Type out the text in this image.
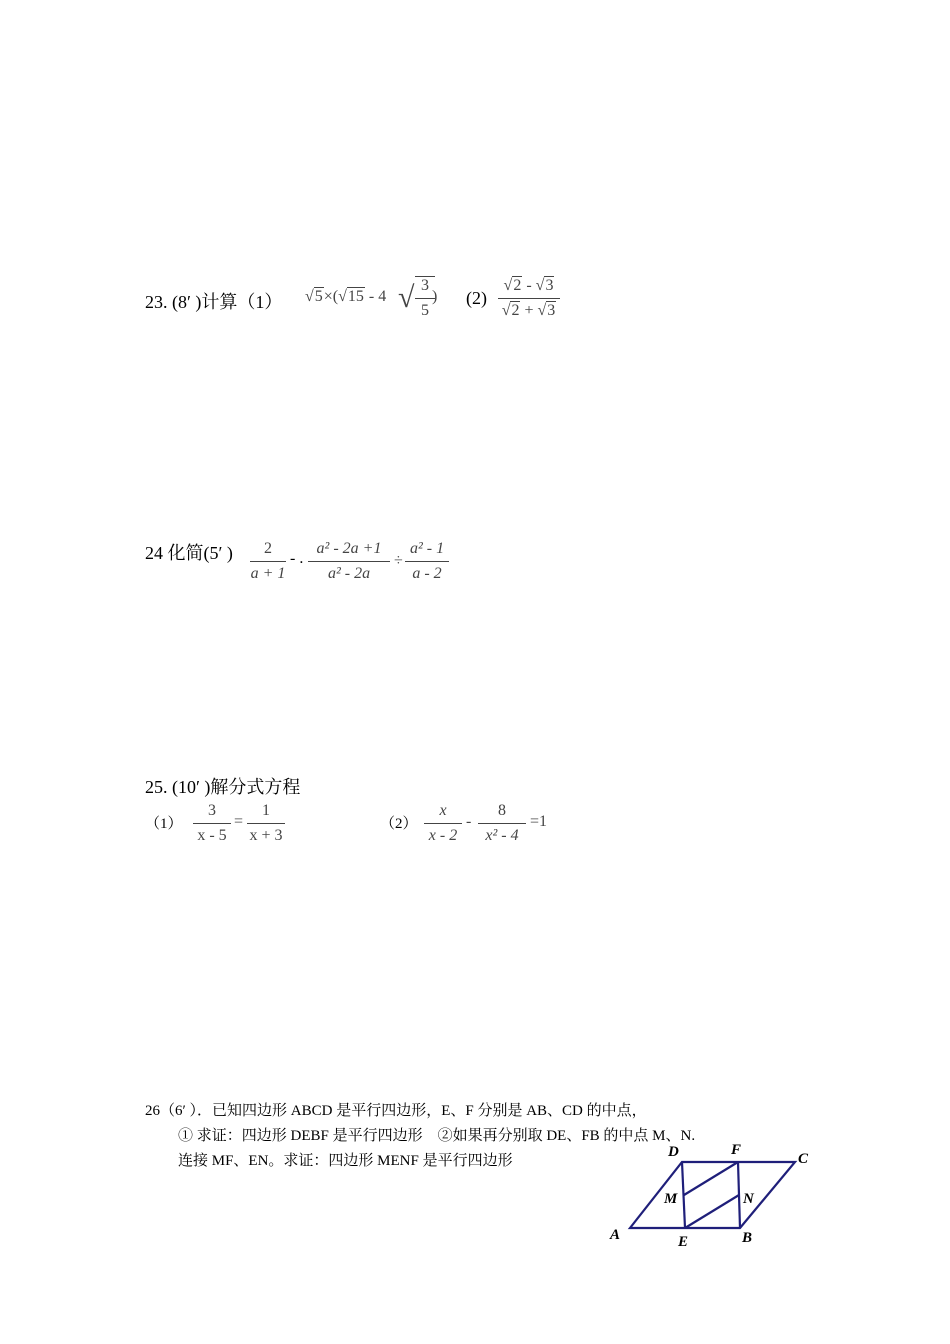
23. (8′ )计算（1） √5×(√15 - 4 √ 3
5
) (2)
√2 - √3
√2 + √3
24 化简(5′ )	2
a + 1
- .
a² - 2a +1
a² - 2a
÷
a² - 1
a - 2
25. (10′ )解分式方程
（1）
3
x - 5
=
1
x + 3
（2）
x
x - 2
-
8
x² - 4
=1
26（6′ ）．已知四边形 ABCD 是平行四边形，E、F 分别是 AB、CD 的中点，
① 求证：四边形 DEBF 是平行四边形　②如果再分别取 DE、FB 的中点 M、N.
连接 MF、EN。求证：四边形 MENF 是平行四边形
A	B
C
D
E
F
M	N
